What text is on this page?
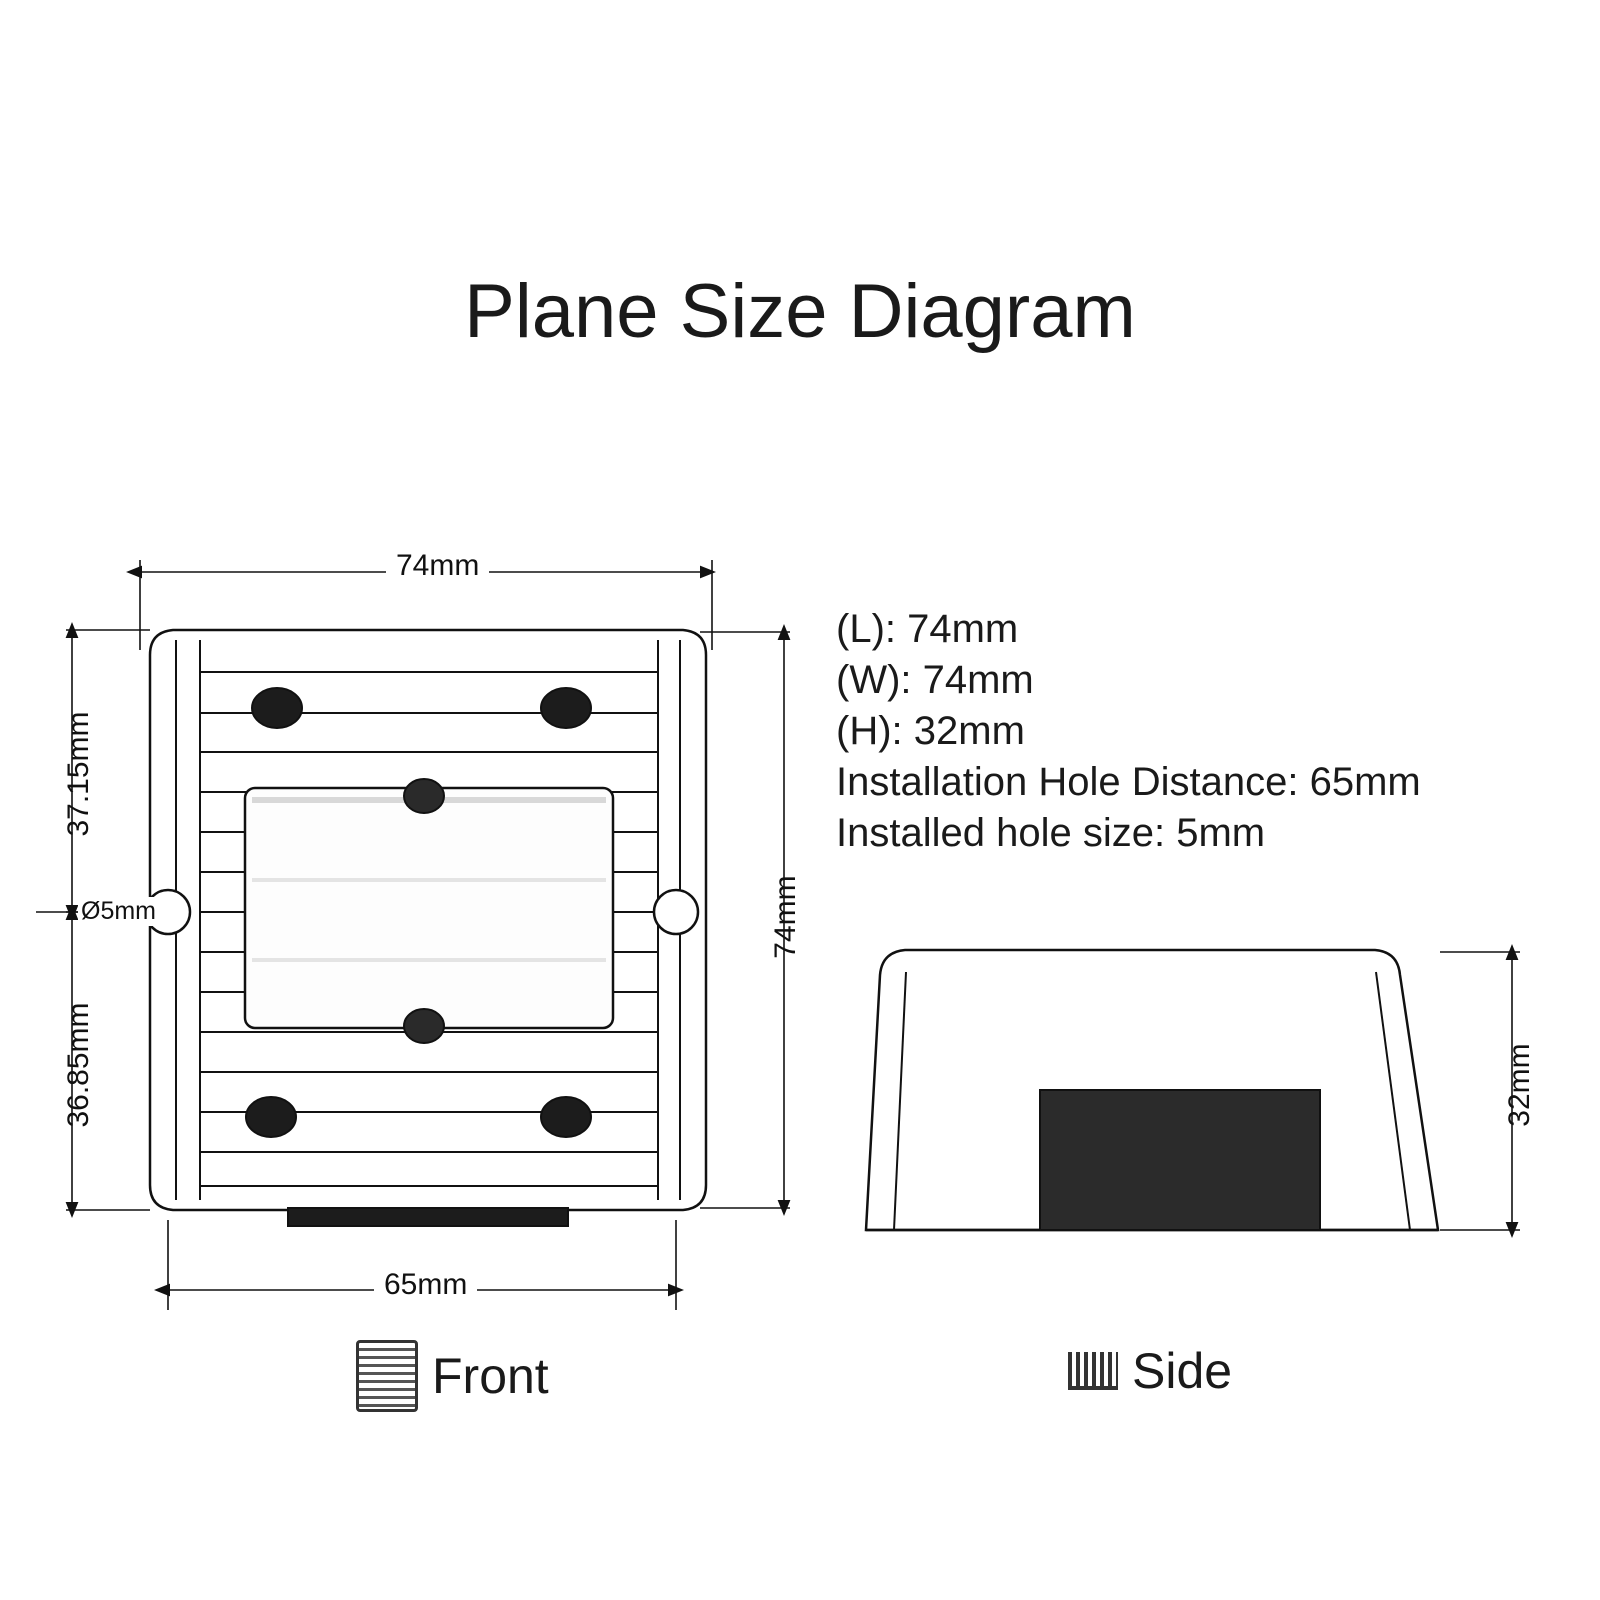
Plane Size Diagram
(L): 74mm
(W): 74mm
(H): 32mm
Installation Hole Distance: 65mm
Installed hole size: 5mm
74mm
37.15mm
36.85mm
Ø5mm	74mm
65mm
32mm
Front	Side
